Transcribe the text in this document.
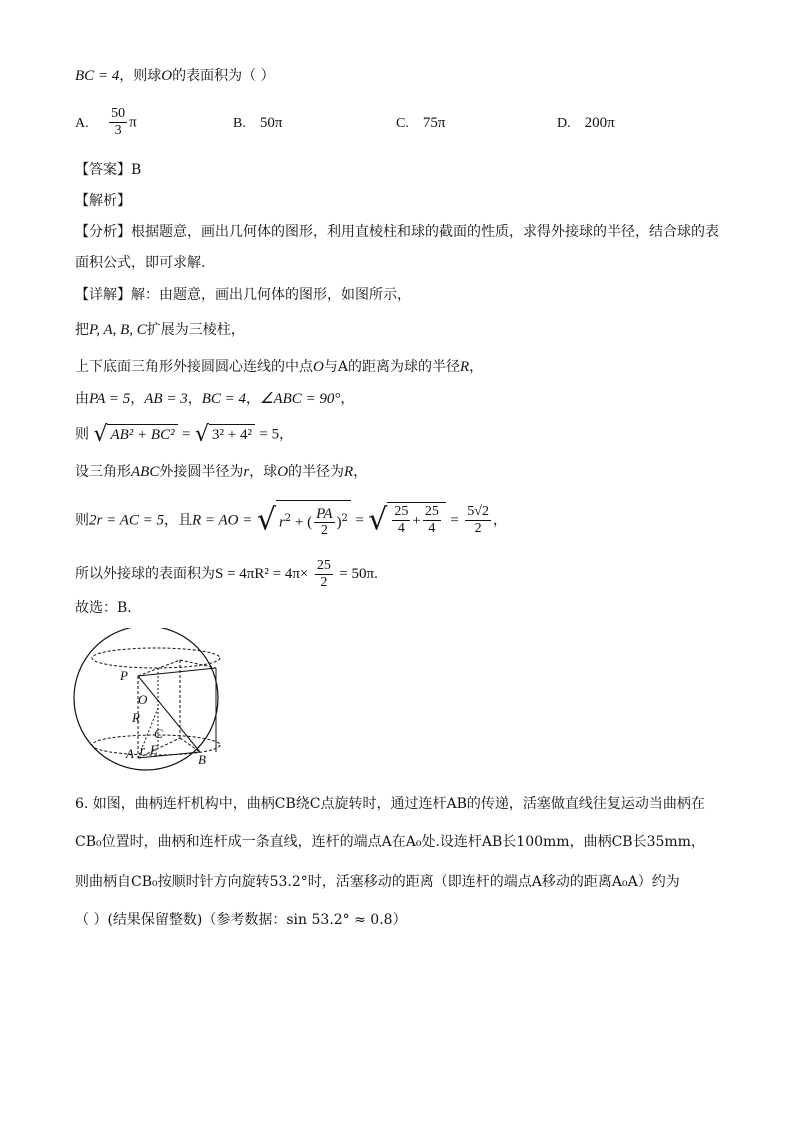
BC = 4，则球O的表面积为（ ）
A. $\frac{50}{3}$ π	B. 50π	C. 75π	D. 200π
【答案】B
【解析】
【分析】根据题意，画出几何体的图形，利用直棱柱和球的截面的性质，求得外接球的半径，结合球的表
面积公式，即可求解.
【详解】解：由题意，画出几何体的图形，如图所示，
把P, A, B, C扩展为三棱柱，
上下底面三角形外接圆圆心连线的中点O与A的距离为球的半径R，
由PA = 5，AB = 3，BC = 4，∠ABC = 90°，
则 √ AB² + BC² = √ 3² + 4² = 5，
设三角形ABC外接圆半径为r，球O的半径为R，
则2r = AC = 5，且R = AO = √ $r^2$ + ( $\frac{PA}{2} )^2$ = √ $\frac{25}{4} + \frac{25}{4} = \frac{5√2}{2}$ ，
所以外接球的表面积为$S = 4\pi R^2 = 4\pi\times \frac{25}{2} = 50\pi$.
故选：B.
P
O
R
C
A r E
B
6. 如图，曲柄连杆机构中，曲柄CB绕C点旋转时，通过连杆AB的传递，活塞做直线往复运动当曲柄在
CB₀位置时，曲柄和连杆成一条直线，连杆的端点A在A₀处.设连杆AB长100mm，曲柄CB长35mm，
则曲柄自CB₀按顺时针方向旋转53.2°时，活塞移动的距离（即连杆的端点A移动的距离A₀A）约为
（ ）(结果保留整数)（参考数据：sin 53.2° ≈ 0.8）
